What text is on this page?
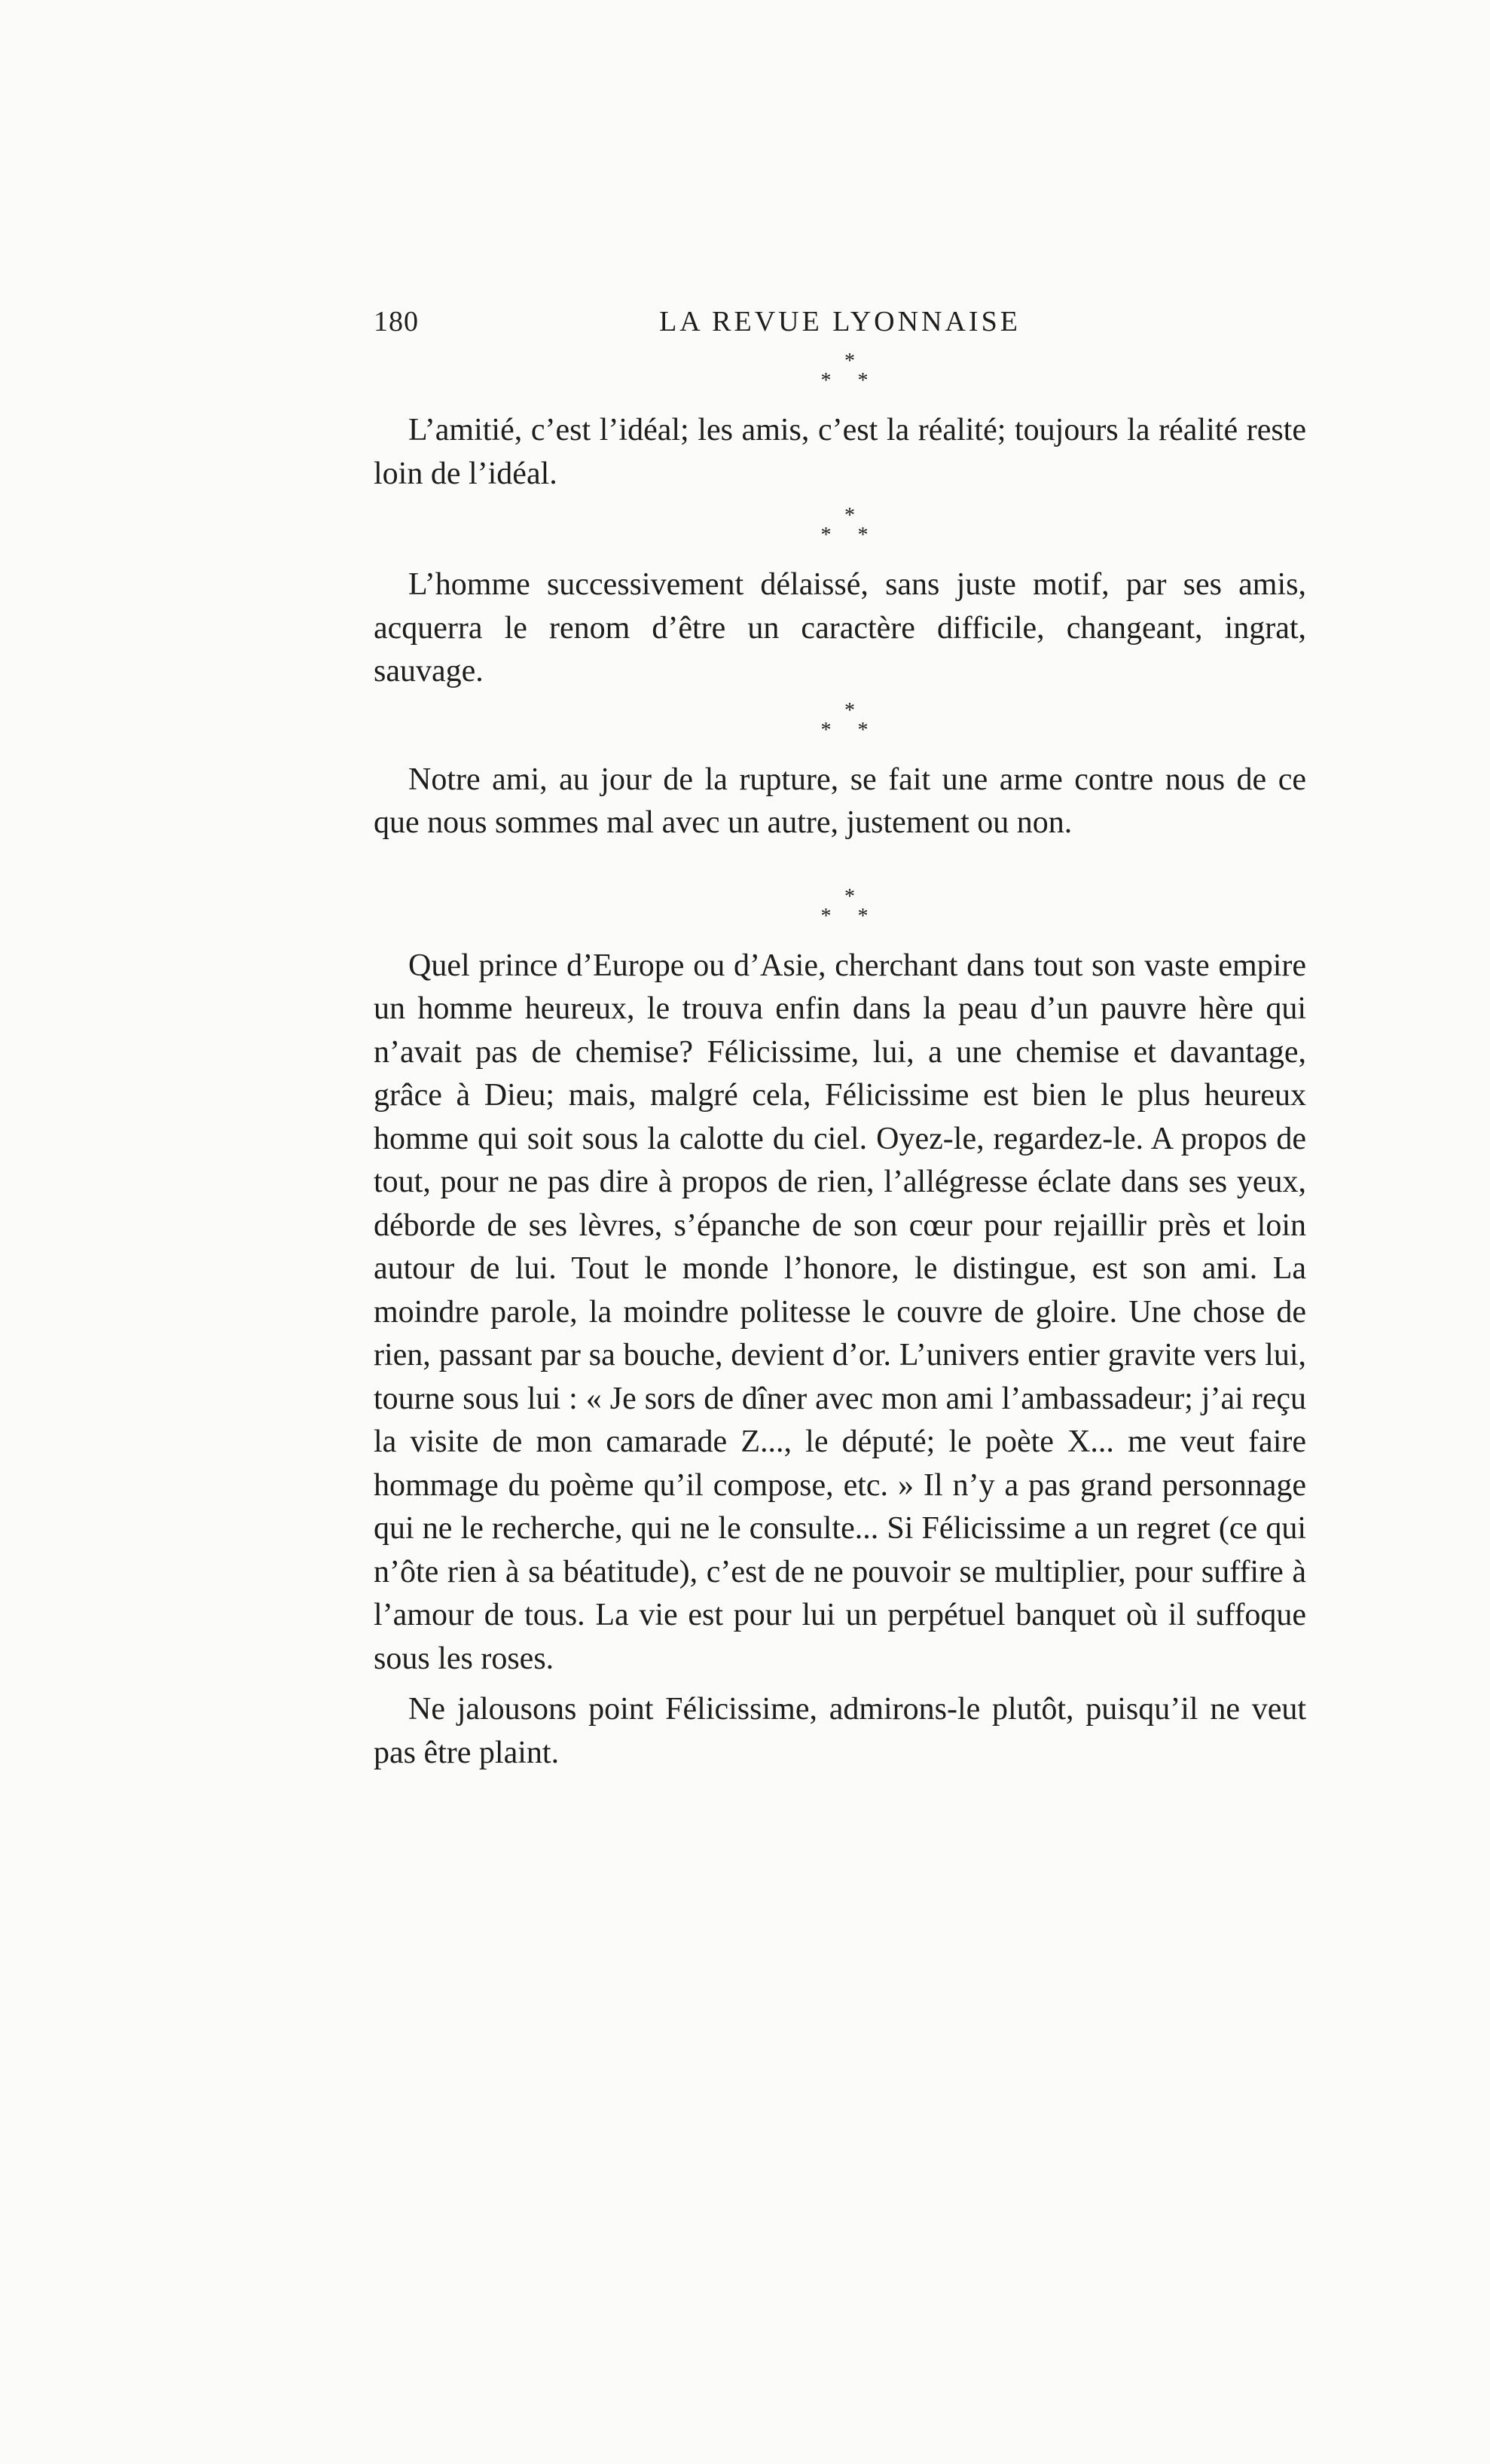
180	LA REVUE LYONNAISE
*
* *

L’amitié, c’est l’idéal; les amis, c’est la réalité; toujours la réalité reste loin de l’idéal.

*
* *

L’homme successivement délaissé, sans juste motif, par ses amis, acquerra le renom d’être un caractère difficile, changeant, ingrat, sauvage.

*
* *

Notre ami, au jour de la rupture, se fait une arme contre nous de ce que nous sommes mal avec un autre, justement ou non.

*
* *

Quel prince d’Europe ou d’Asie, cherchant dans tout son vaste empire un homme heureux, le trouva enfin dans la peau d’un pauvre hère qui n’avait pas de chemise? Félicissime, lui, a une chemise et davantage, grâce à Dieu; mais, malgré cela, Félicissime est bien le plus heureux homme qui soit sous la calotte du ciel. Oyez-le, regardez-le. A propos de tout, pour ne pas dire à propos de rien, l’allégresse éclate dans ses yeux, déborde de ses lèvres, s’épanche de son cœur pour rejaillir près et loin autour de lui. Tout le monde l’honore, le distingue, est son ami. La moindre parole, la moindre politesse le couvre de gloire. Une chose de rien, passant par sa bouche, devient d’or. L’univers entier gravite vers lui, tourne sous lui : « Je sors de dîner avec mon ami l’ambassadeur; j’ai reçu la visite de mon camarade Z..., le député; le poète X... me veut faire hommage du poème qu’il compose, etc. » Il n’y a pas grand personnage qui ne le recherche, qui ne le consulte... Si Félicissime a un regret (ce qui n’ôte rien à sa béatitude), c’est de ne pouvoir se multiplier, pour suffire à l’amour de tous. La vie est pour lui un perpétuel banquet où il suffoque sous les roses.

Ne jalousons point Félicissime, admirons-le plutôt, puisqu’il ne veut pas être plaint.
